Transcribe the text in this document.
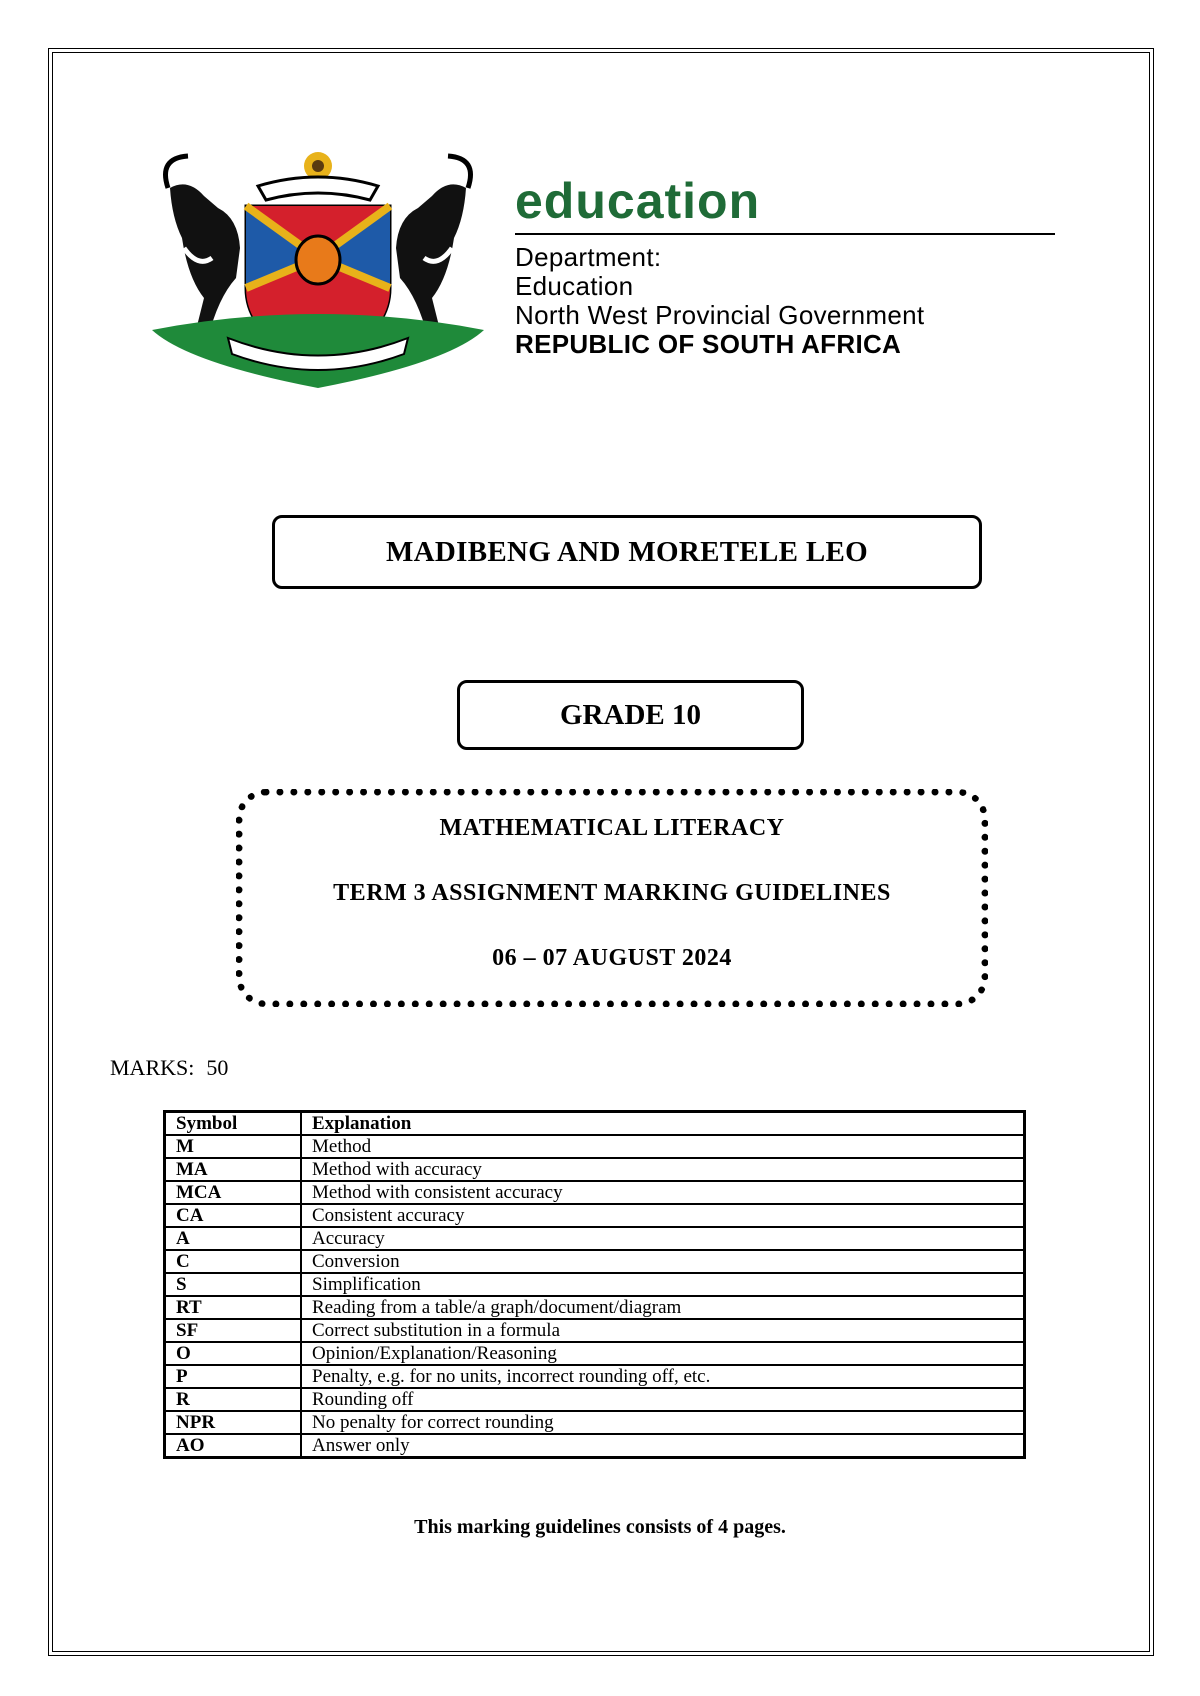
education
Department:
Education
North West Provincial Government
REPUBLIC OF SOUTH AFRICA
MADIBENG AND MORETELE LEO
GRADE 10
MATHEMATICAL LITERACY
TERM 3 ASSIGNMENT MARKING GUIDELINES
06 – 07 AUGUST 2024
MARKS: 50
Symbol	Explanation
M	Method
MA	Method with accuracy
MCA	Method with consistent accuracy
CA	Consistent accuracy
A	Accuracy
C	Conversion
S	Simplification
RT	Reading from a table/a graph/document/diagram
SF	Correct substitution in a formula
O	Opinion/Explanation/Reasoning
P	Penalty, e.g. for no units, incorrect rounding off, etc.
R	Rounding off
NPR	No penalty for correct rounding
AO	Answer only
This marking guidelines consists of 4 pages.
